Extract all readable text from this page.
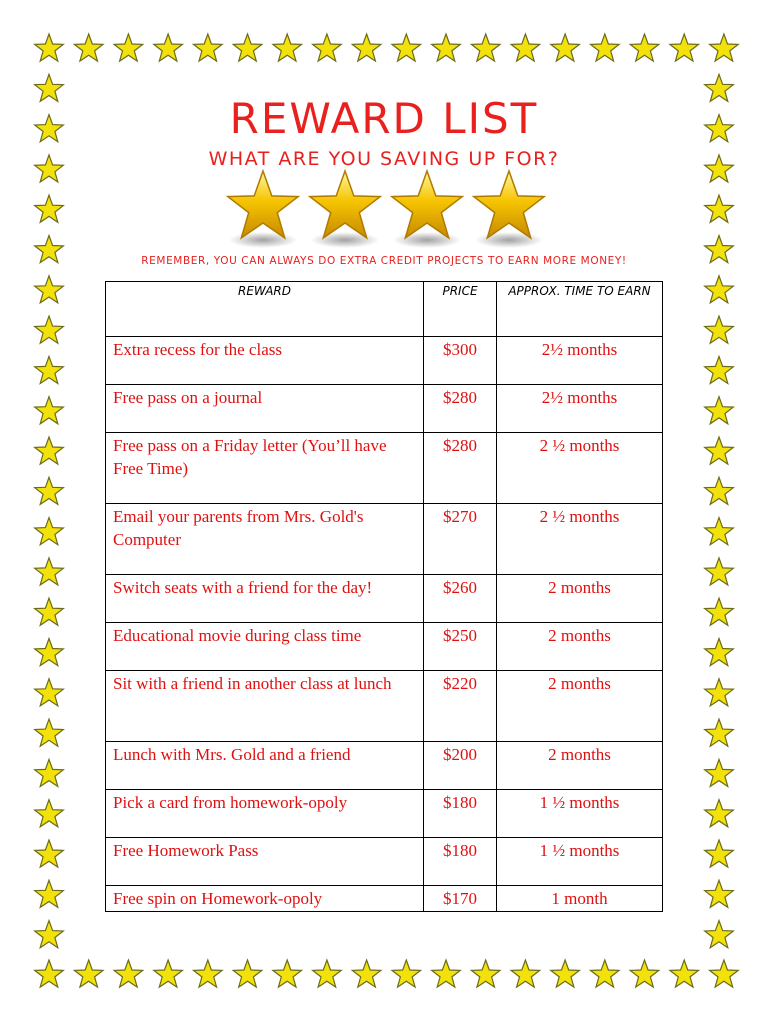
REWARD LIST
WHAT ARE YOU SAVING UP FOR?
REMEMBER, YOU CAN ALWAYS DO EXTRA CREDIT PROJECTS TO EARN MORE MONEY!
REWARD	PRICE	APPROX. TIME TO EARN
Extra recess for the class	$300	2½ months
Free pass on a journal	$280	2½ months
Free pass on a Friday letter (You’ll have Free Time)	$280	2 ½ months
Email your parents from Mrs. Gold's Computer	$270	2 ½ months
Switch seats with a friend for the day!	$260	2 months
Educational movie during class time	$250	2 months
Sit with a friend in another class at lunch	$220	2 months
Lunch with Mrs. Gold and a friend	$200	2 months
Pick a card from homework-opoly	$180	1 ½ months
Free Homework Pass	$180	1 ½ months
Free spin on Homework-opoly	$170	1 month
